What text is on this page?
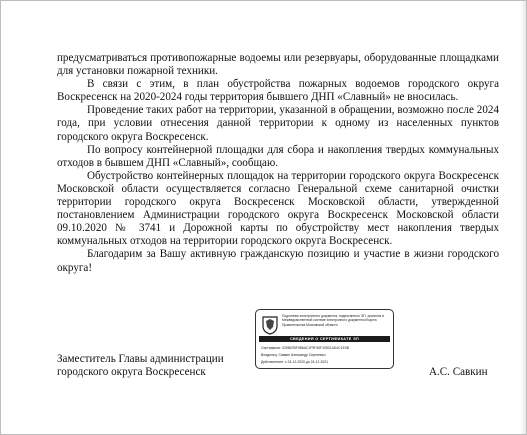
предусматриваться противопожарные водоемы или резервуары, оборудованные площадками для установки пожарной техники.

В связи с этим, в план обустройства пожарных водоемов городского округа Воскресенск на 2020-2024 годы территория бывшего ДНП «Славный» не вносилась.

Проведение таких работ на территории, указанной в обращении, возможно после 2024 года, при условии отнесения данной территории к одному из населенных пунктов городского округа Воскресенск.

По вопросу контейнерной площадки для сбора и накопления твердых коммунальных отходов в бывшем ДНП «Славный», сообщаю.

Обустройство контейнерных площадок на территории городского округа Воскресенск Московской области осуществляется согласно Генеральной схеме санитарной очистки территории городского округа Воскресенск Московской области, утвержденной постановлением Администрации городского округа Воскресенск Московской области 09.10.2020 № 3741 и Дорожной карты по обустройству мест накопления твердых коммунальных отходов на территории городского округа Воскресенск.

Благодарим за Вашу активную гражданскую позицию и участие в жизни городского округа!

Подлинник электронного документа, подписанного ЭП, хранится в Межведомственной системе электронного документооборота Правительства Московской области
СВЕДЕНИЯ О СЕРТИФИКАТЕ ЭП
Сертификат: 029867BF0B6AC1F9F40F10521AD4C1E0B
Владелец: Савкин Александр Сергеевич
Действителен: с 24-12-2020 до 24-12-2021
Заместитель Главы администрации
городского округа Воскресенск	А.С. Савкин
